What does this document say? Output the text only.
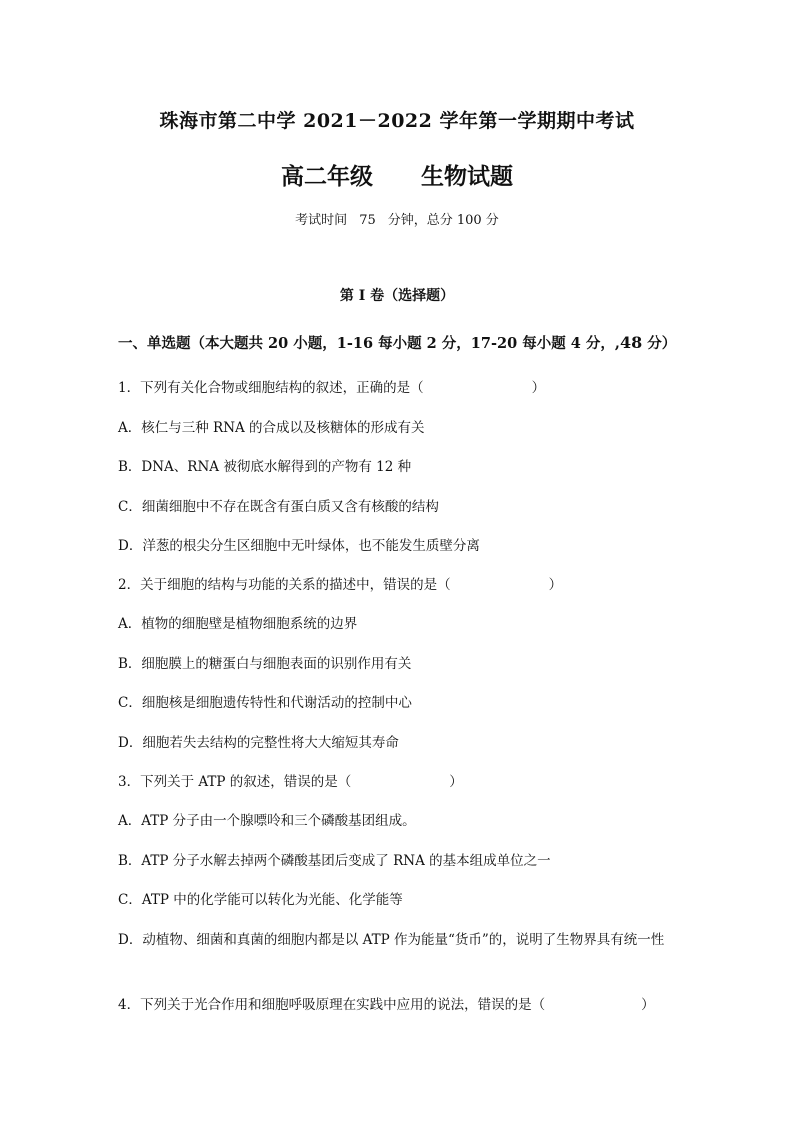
珠海市第二中学 2021－2022 学年第一学期期中考试
高二年级 生物试题
考试时间 75 分钟，总分 100 分
第 I 卷（选择题）
一、单选题（本大题共 20 小题，1-16 每小题 2 分，17-20 每小题 4 分，,48 分）
1．下列有关化合物或细胞结构的叙述，正确的是（	）
A．核仁与三种 RNA 的合成以及核糖体的形成有关
B．DNA、RNA 被彻底水解得到的产物有 12 种
C．细菌细胞中不存在既含有蛋白质又含有核酸的结构
D．洋葱的根尖分生区细胞中无叶绿体，也不能发生质壁分离
2．关于细胞的结构与功能的关系的描述中，错误的是（	）
A．植物的细胞壁是植物细胞系统的边界
B．细胞膜上的糖蛋白与细胞表面的识别作用有关
C．细胞核是细胞遗传特性和代谢活动的控制中心
D．细胞若失去结构的完整性将大大缩短其寿命
3．下列关于 ATP 的叙述，错误的是（	）
A．ATP 分子由一个腺嘌呤和三个磷酸基团组成。
B．ATP 分子水解去掉两个磷酸基团后变成了 RNA 的基本组成单位之一
C．ATP 中的化学能可以转化为光能、化学能等
D．动植物、细菌和真菌的细胞内都是以 ATP 作为能量“货币”的，说明了生物界具有统一性
4．下列关于光合作用和细胞呼吸原理在实践中应用的说法，错误的是（	）
